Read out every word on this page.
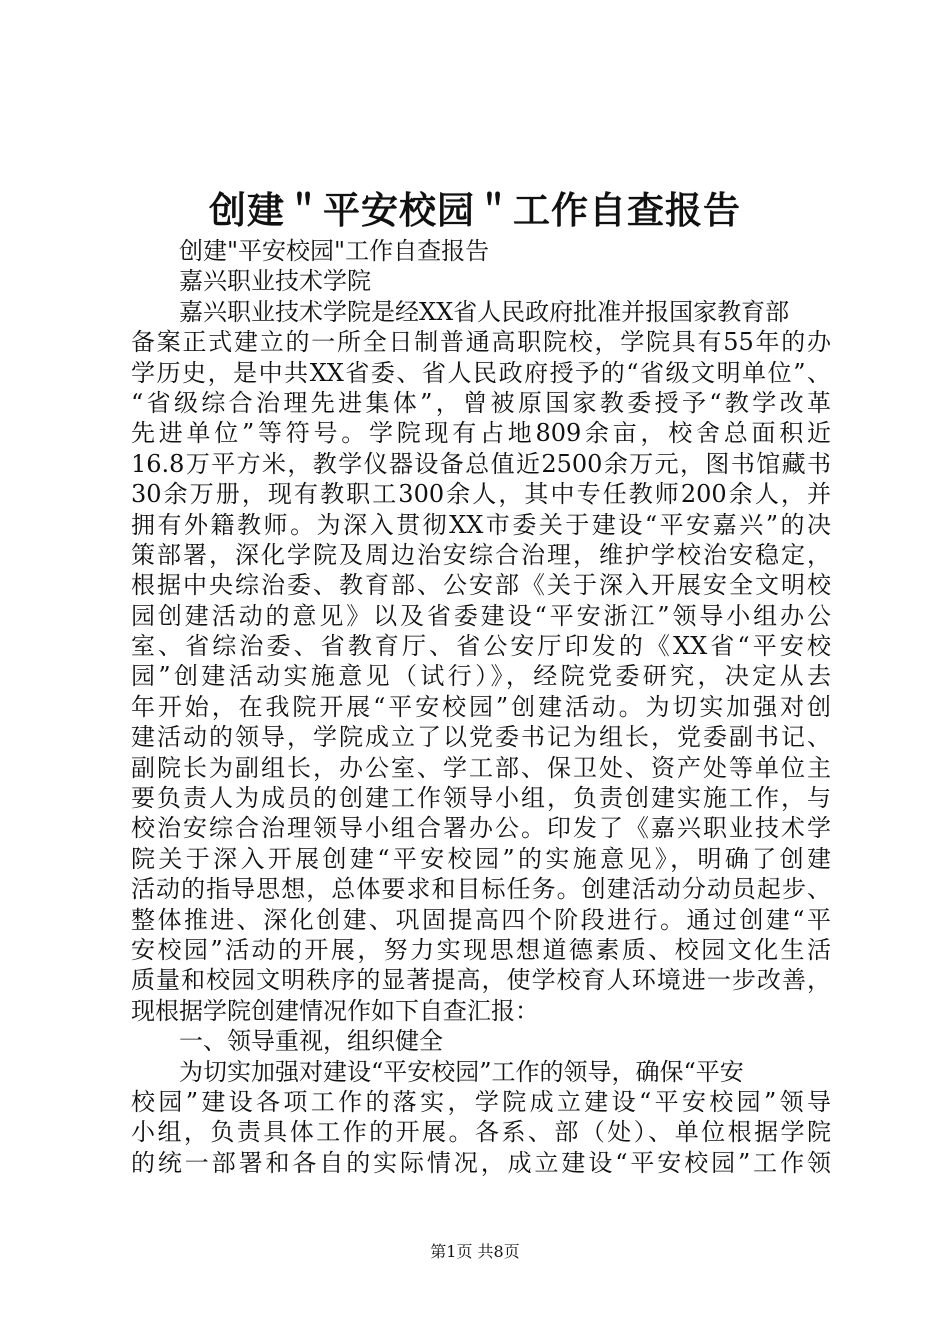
创建＂平安校园＂工作自查报告
创建"平安校园"工作自查报告
嘉兴职业技术学院
嘉兴职业技术学院是经XX省人民政府批准并报国家教育部
备案正式建立的一所全日制普通高职院校，学院具有55年的办
学历史，是中共XX省委、省人民政府授予的“省级文明单位”、
“省级综合治理先进集体”，曾被原国家教委授予“教学改革
先进单位”等符号。学院现有占地809余亩，校舍总面积近
16.8万平方米，教学仪器设备总值近2500余万元，图书馆藏书
30余万册，现有教职工300余人，其中专任教师200余人，并
拥有外籍教师。为深入贯彻XX市委关于建设“平安嘉兴”的决
策部署，深化学院及周边治安综合治理，维护学校治安稳定，
根据中央综治委、教育部、公安部《关于深入开展安全文明校
园创建活动的意见》以及省委建设“平安浙江”领导小组办公
室、省综治委、省教育厅、省公安厅印发的《XX省“平安校
园”创建活动实施意见（试行）》，经院党委研究，决定从去
年开始，在我院开展“平安校园”创建活动。为切实加强对创
建活动的领导，学院成立了以党委书记为组长，党委副书记、
副院长为副组长，办公室、学工部、保卫处、资产处等单位主
要负责人为成员的创建工作领导小组，负责创建实施工作，与
校治安综合治理领导小组合署办公。印发了《嘉兴职业技术学
院关于深入开展创建“平安校园”的实施意见》，明确了创建
活动的指导思想，总体要求和目标任务。创建活动分动员起步、
整体推进、深化创建、巩固提高四个阶段进行。通过创建“平
安校园”活动的开展，努力实现思想道德素质、校园文化生活
质量和校园文明秩序的显著提高，使学校育人环境进一步改善，
现根据学院创建情况作如下自查汇报：
一、领导重视，组织健全
为切实加强对建设“平安校园”工作的领导，确保“平安
校园”建设各项工作的落实，学院成立建设“平安校园”领导
小组，负责具体工作的开展。各系、部（处）、单位根据学院
的统一部署和各自的实际情况，成立建设“平安校园”工作领
第1页 共8页
